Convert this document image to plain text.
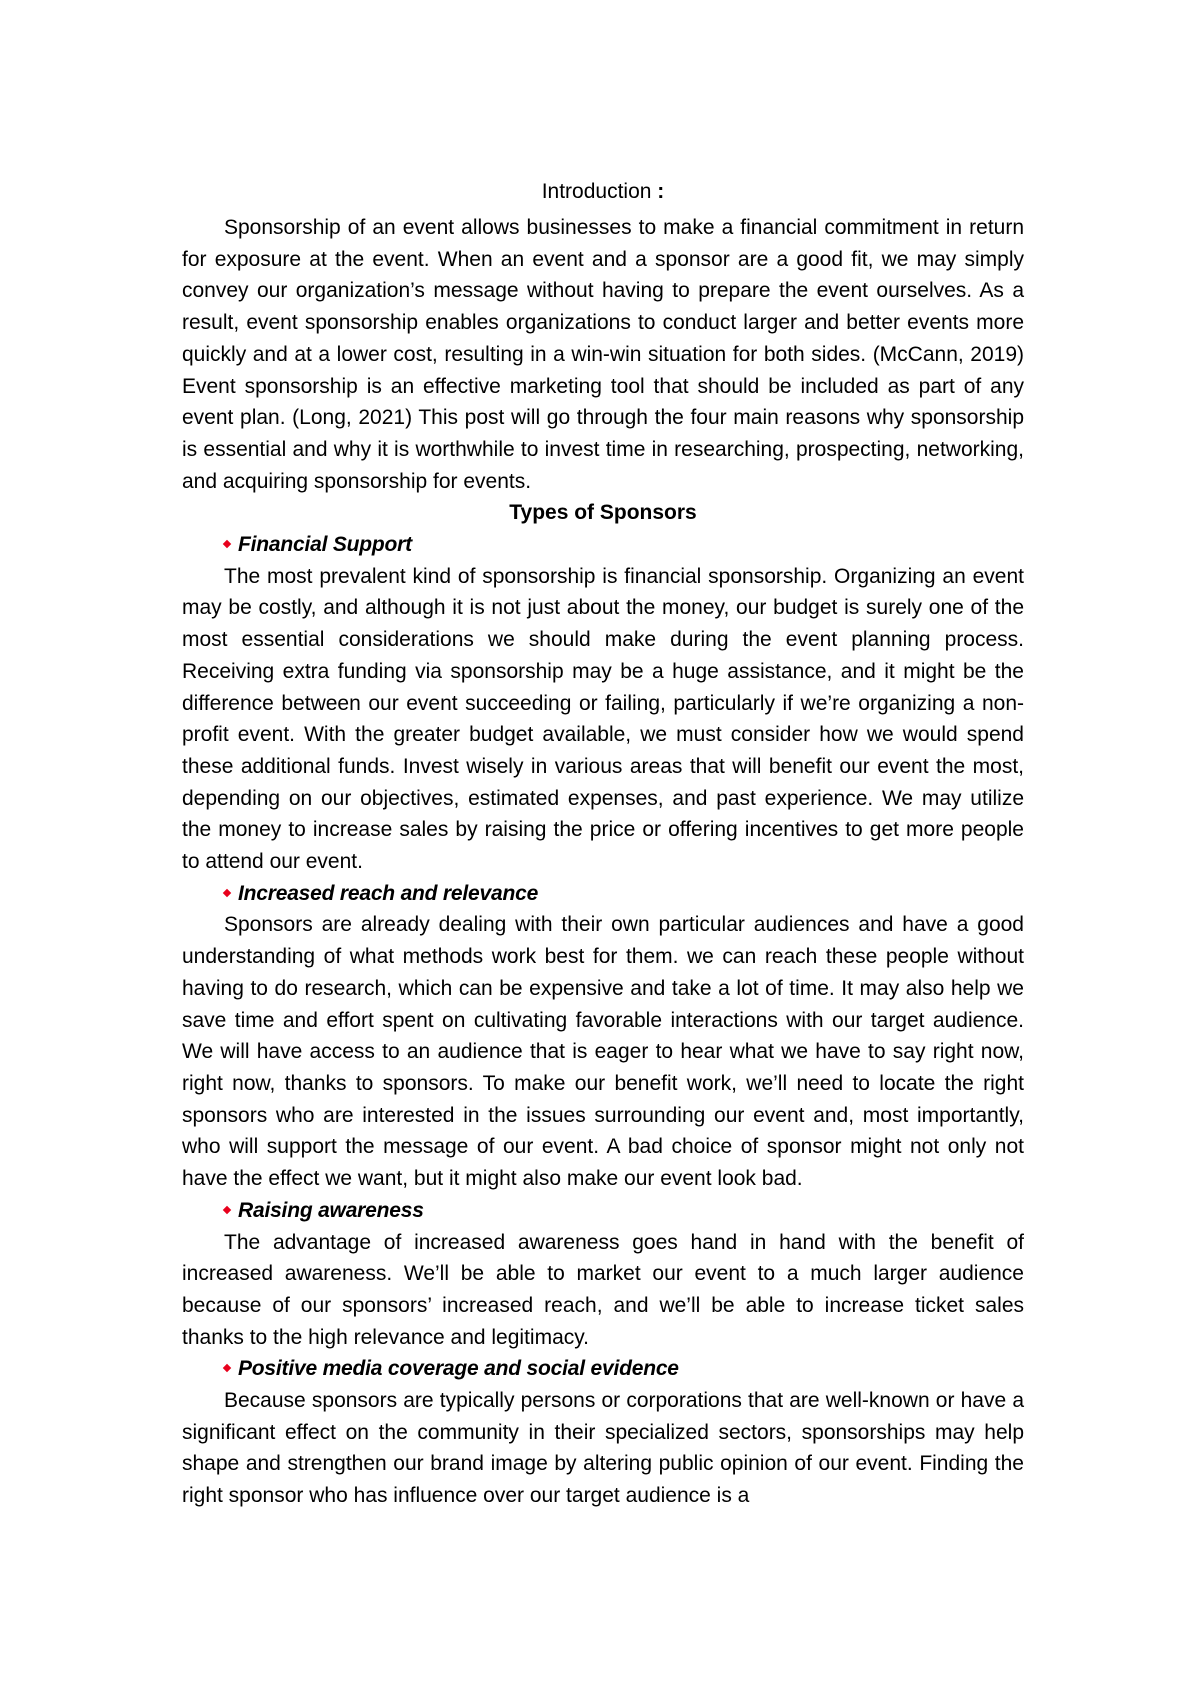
Introduction :

Sponsorship of an event allows businesses to make a financial commitment in return for exposure at the event. When an event and a sponsor are a good fit, we may simply convey our organization’s message without having to prepare the event ourselves. As a result, event sponsorship enables organizations to conduct larger and better events more quickly and at a lower cost, resulting in a win-win situation for both sides. (McCann, 2019) Event sponsorship is an effective marketing tool that should be included as part of any event plan. (Long, 2021) This post will go through the four main reasons why sponsorship is essential and why it is worthwhile to invest time in researching, prospecting, networking, and acquiring sponsorship for events.

Types of Sponsors

Financial Support

The most prevalent kind of sponsorship is financial sponsorship. Organizing an event may be costly, and although it is not just about the money, our budget is surely one of the most essential considerations we should make during the event planning process. Receiving extra funding via sponsorship may be a huge assistance, and it might be the difference between our event succeeding or failing, particularly if we’re organizing a non-profit event. With the greater budget available, we must consider how we would spend these additional funds. Invest wisely in various areas that will benefit our event the most, depending on our objectives, estimated expenses, and past experience. We may utilize the money to increase sales by raising the price or offering incentives to get more people to attend our event.

Increased reach and relevance

Sponsors are already dealing with their own particular audiences and have a good understanding of what methods work best for them. we can reach these people without having to do research, which can be expensive and take a lot of time. It may also help we save time and effort spent on cultivating favorable interactions with our target audience. We will have access to an audience that is eager to hear what we have to say right now, right now, thanks to sponsors. To make our benefit work, we’ll need to locate the right sponsors who are interested in the issues surrounding our event and, most importantly, who will support the message of our event. A bad choice of sponsor might not only not have the effect we want, but it might also make our event look bad.

Raising awareness

The advantage of increased awareness goes hand in hand with the benefit of increased awareness. We’ll be able to market our event to a much larger audience because of our sponsors’ increased reach, and we’ll be able to increase ticket sales thanks to the high relevance and legitimacy.

Positive media coverage and social evidence

Because sponsors are typically persons or corporations that are well-known or have a significant effect on the community in their specialized sectors, sponsorships may help shape and strengthen our brand image by altering public opinion of our event. Finding the right sponsor who has influence over our target audience is a
